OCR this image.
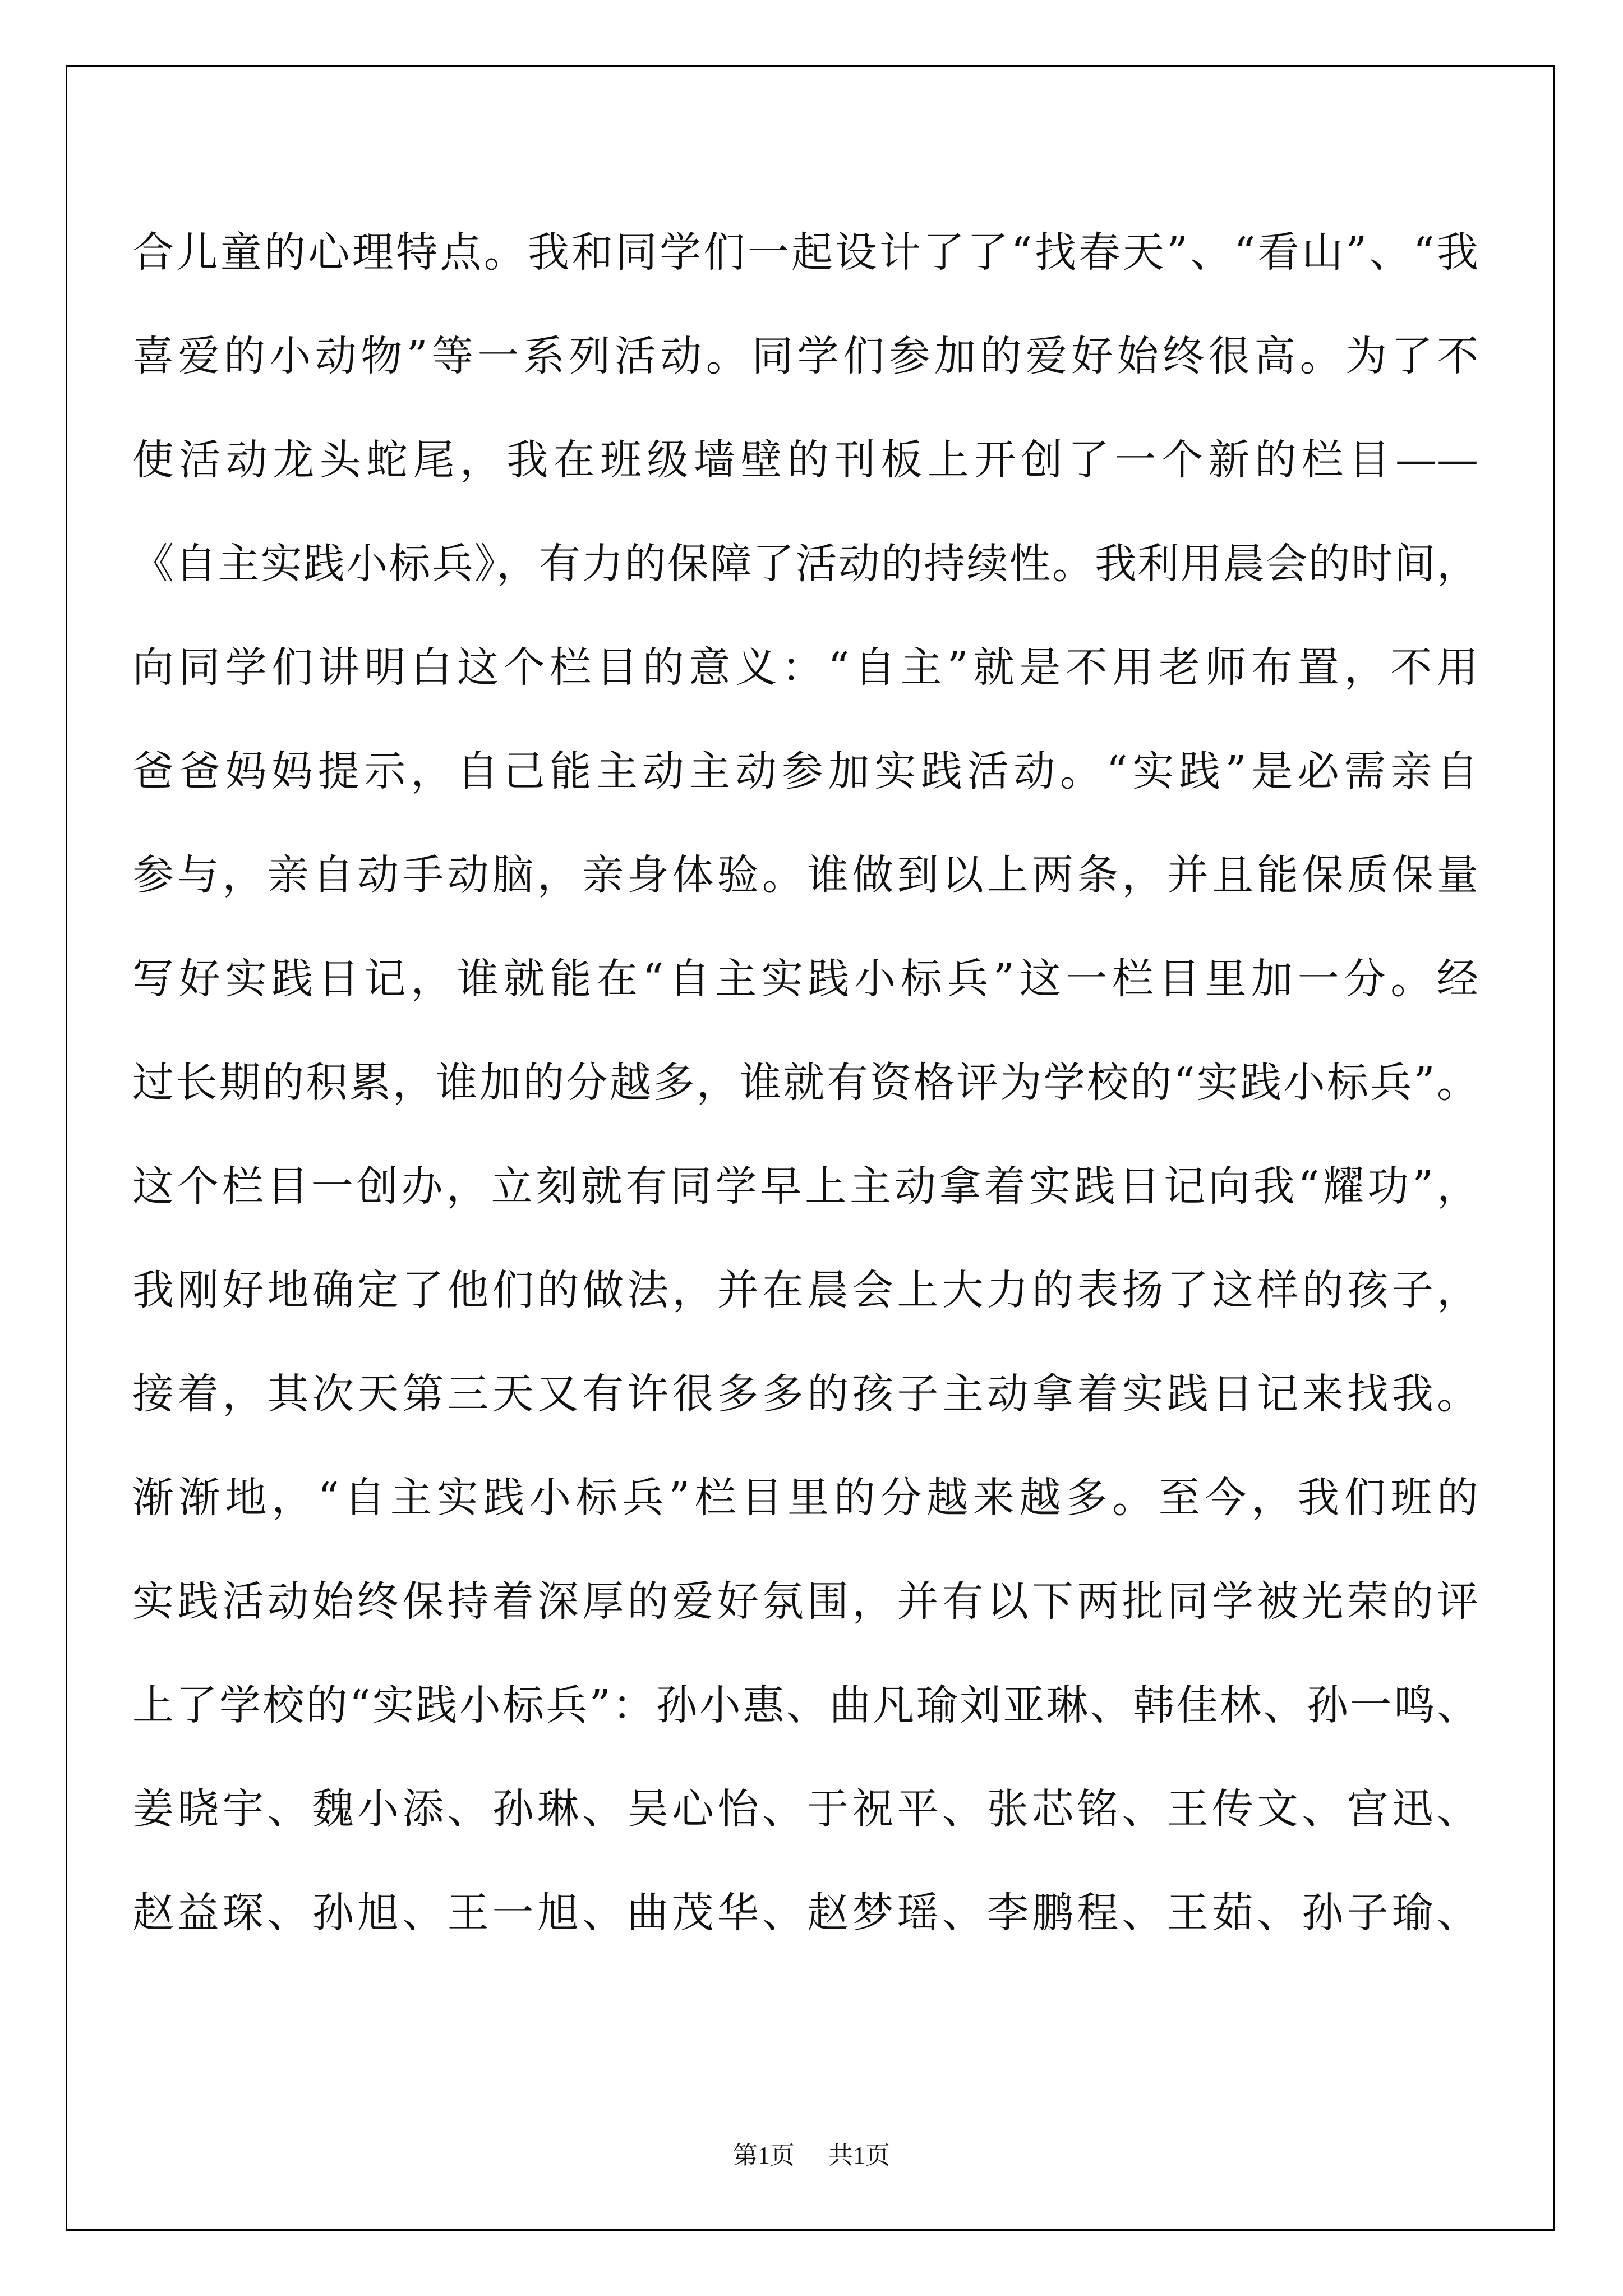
合儿童的心理特点。我和同学们一起设计了了“找春天”、“看山”、“我
喜爱的小动物”等一系列活动。同学们参加的爱好始终很高。为了不
使活动龙头蛇尾，我在班级墙壁的刊板上开创了一个新的栏目——
《自主实践小标兵》，有力的保障了活动的持续性。我利用晨会的时间，
向同学们讲明白这个栏目的意义：“自主”就是不用老师布置，不用
爸爸妈妈提示，自己能主动主动参加实践活动。“实践”是必需亲自
参与，亲自动手动脑，亲身体验。谁做到以上两条，并且能保质保量
写好实践日记，谁就能在“自主实践小标兵”这一栏目里加一分。经
过长期的积累，谁加的分越多，谁就有资格评为学校的“实践小标兵”。
这个栏目一创办，立刻就有同学早上主动拿着实践日记向我“耀功”，
我刚好地确定了他们的做法，并在晨会上大力的表扬了这样的孩子，
接着，其次天第三天又有许很多多的孩子主动拿着实践日记来找我。
渐渐地，“自主实践小标兵”栏目里的分越来越多。至今，我们班的
实践活动始终保持着深厚的爱好氛围，并有以下两批同学被光荣的评
上了学校的“实践小标兵”：孙小惠、曲凡瑜刘亚琳、韩佳林、孙一鸣、
姜晓宇、魏小添、孙琳、吴心怡、于祝平、张芯铭、王传文、宫迅、
赵益琛、孙旭、王一旭、曲茂华、赵梦瑶、李鹏程、王茹、孙子瑜、
第1页 共1页
